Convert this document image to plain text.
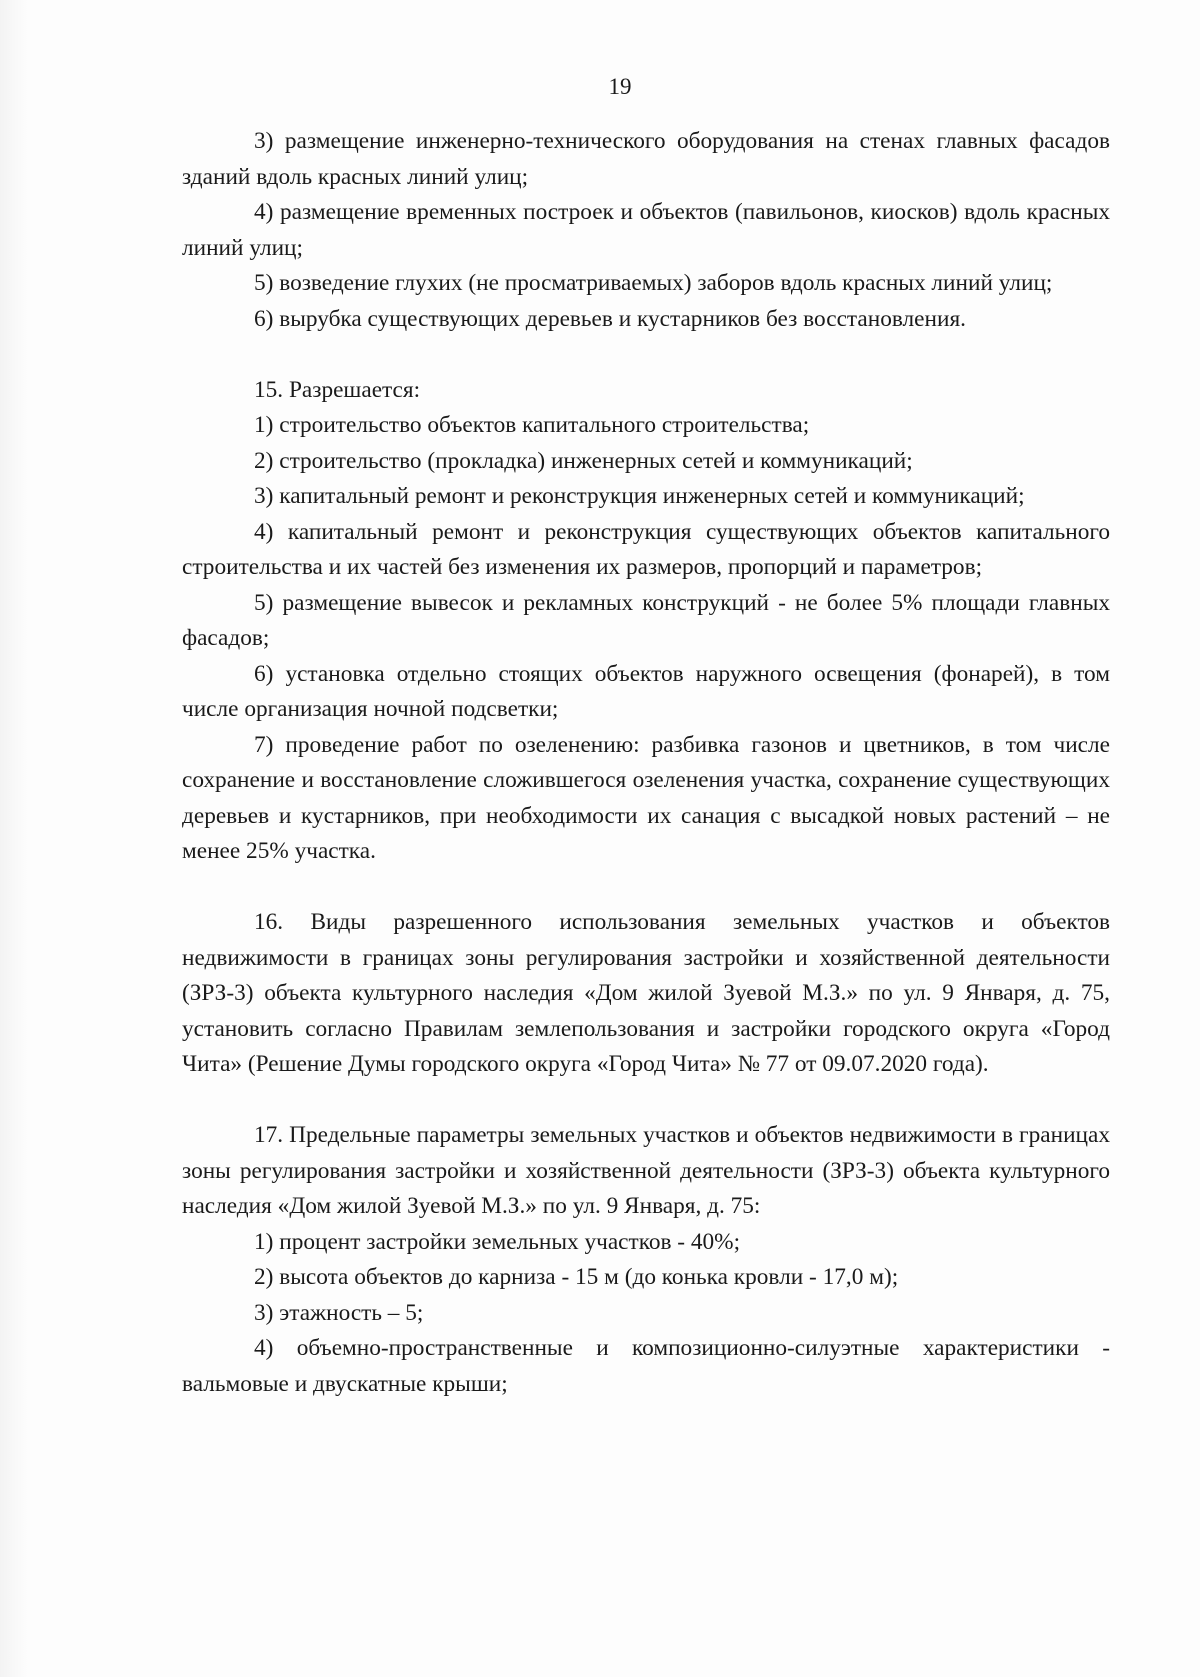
19

3) размещение инженерно-технического оборудования на стенах главных фасадов зданий вдоль красных линий улиц;

4) размещение временных построек и объектов (павильонов, киосков) вдоль красных линий улиц;

5) возведение глухих (не просматриваемых) заборов вдоль красных линий улиц;

6) вырубка существующих деревьев и кустарников без восстановления.

15. Разрешается:

1) строительство объектов капитального строительства;

2) строительство (прокладка) инженерных сетей и коммуникаций;

3) капитальный ремонт и реконструкция инженерных сетей и коммуникаций;

4) капитальный ремонт и реконструкция существующих объектов капитального строительства и их частей без изменения их размеров, пропорций и параметров;

5) размещение вывесок и рекламных конструкций - не более 5% площади главных фасадов;

6) установка отдельно стоящих объектов наружного освещения (фонарей), в том числе организация ночной подсветки;

7) проведение работ по озеленению: разбивка газонов и цветников, в том числе сохранение и восстановление сложившегося озеленения участка, сохранение существующих деревьев и кустарников, при необходимости их санация с высадкой новых растений – не менее 25% участка.

16. Виды разрешенного использования земельных участков и объектов недвижимости в границах зоны регулирования застройки и хозяйственной деятельности (ЗРЗ-3) объекта культурного наследия «Дом жилой Зуевой М.З.» по ул. 9 Января, д. 75, установить согласно Правилам землепользования и застройки городского округа «Город Чита» (Решение Думы городского округа «Город Чита» № 77 от 09.07.2020 года).

17. Предельные параметры земельных участков и объектов недвижимости в границах зоны регулирования застройки и хозяйственной деятельности (ЗРЗ-3) объекта культурного наследия «Дом жилой Зуевой М.З.» по ул. 9 Января, д. 75:

1) процент застройки земельных участков - 40%;

2) высота объектов до карниза - 15 м (до конька кровли - 17,0 м);

3) этажность – 5;

4) объемно-пространственные и композиционно-силуэтные характеристики - вальмовые и двускатные крыши;
